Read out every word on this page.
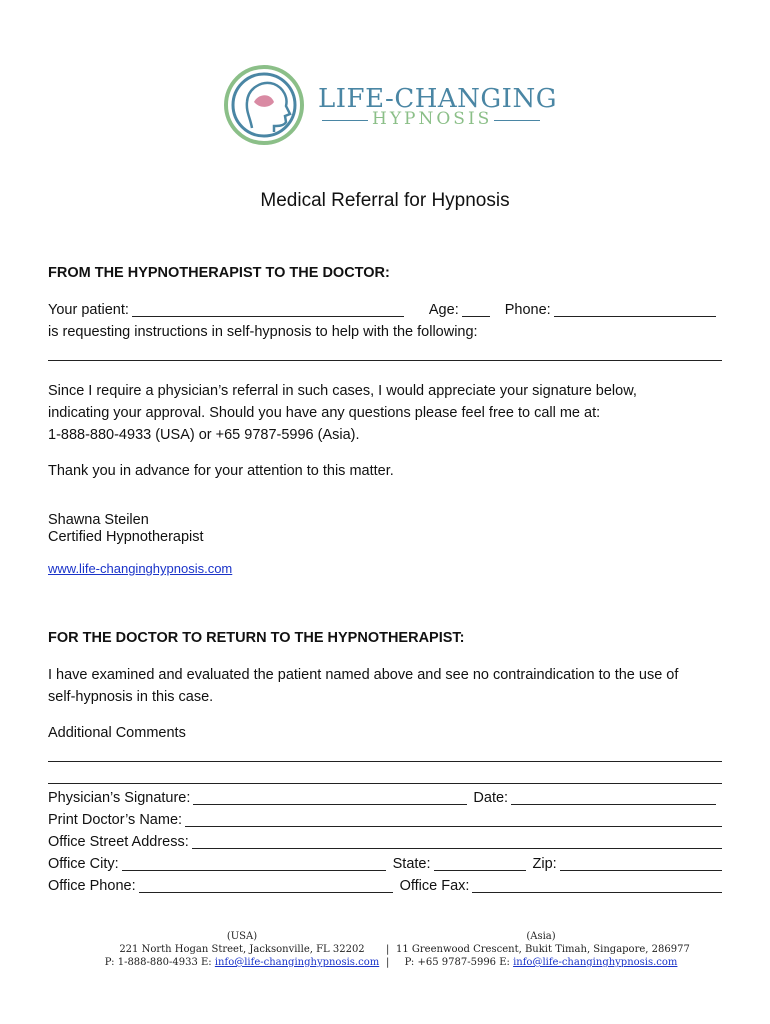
LIFE-CHANGING
HYPNOSIS
Medical Referral for Hypnosis
FROM THE HYPNOTHERAPIST TO THE DOCTOR:
Your patient:	Age:	Phone:
is requesting instructions in self-hypnosis to help with the following:
Since I require a physician’s referral in such cases, I would appreciate your signature below,
indicating your approval. Should you have any questions please feel free to call me at:
1-888-880-4933 (USA) or +65 9787-5996 (Asia).
Thank you in advance for your attention to this matter.
Shawna Steilen
Certified Hypnotherapist
www.life-changinghypnosis.com
FOR THE DOCTOR TO RETURN TO THE HYPNOTHERAPIST:
I have examined and evaluated the patient named above and see no contraindication to the use of
self-hypnosis in this case.
Additional Comments
Physician’s Signature:	Date:
Print Doctor’s Name:
Office Street Address:
Office City:	State:	Zip:
Office Phone:	Office Fax:
(USA)
221 North Hogan Street, Jacksonville, FL 32202
P: 1-888-880-4933 E: info@life-changinghypnosis.com
|
|
(Asia)
11 Greenwood Crescent, Bukit Timah, Singapore, 286977
P: +65 9787-5996 E: info@life-changinghypnosis.com
